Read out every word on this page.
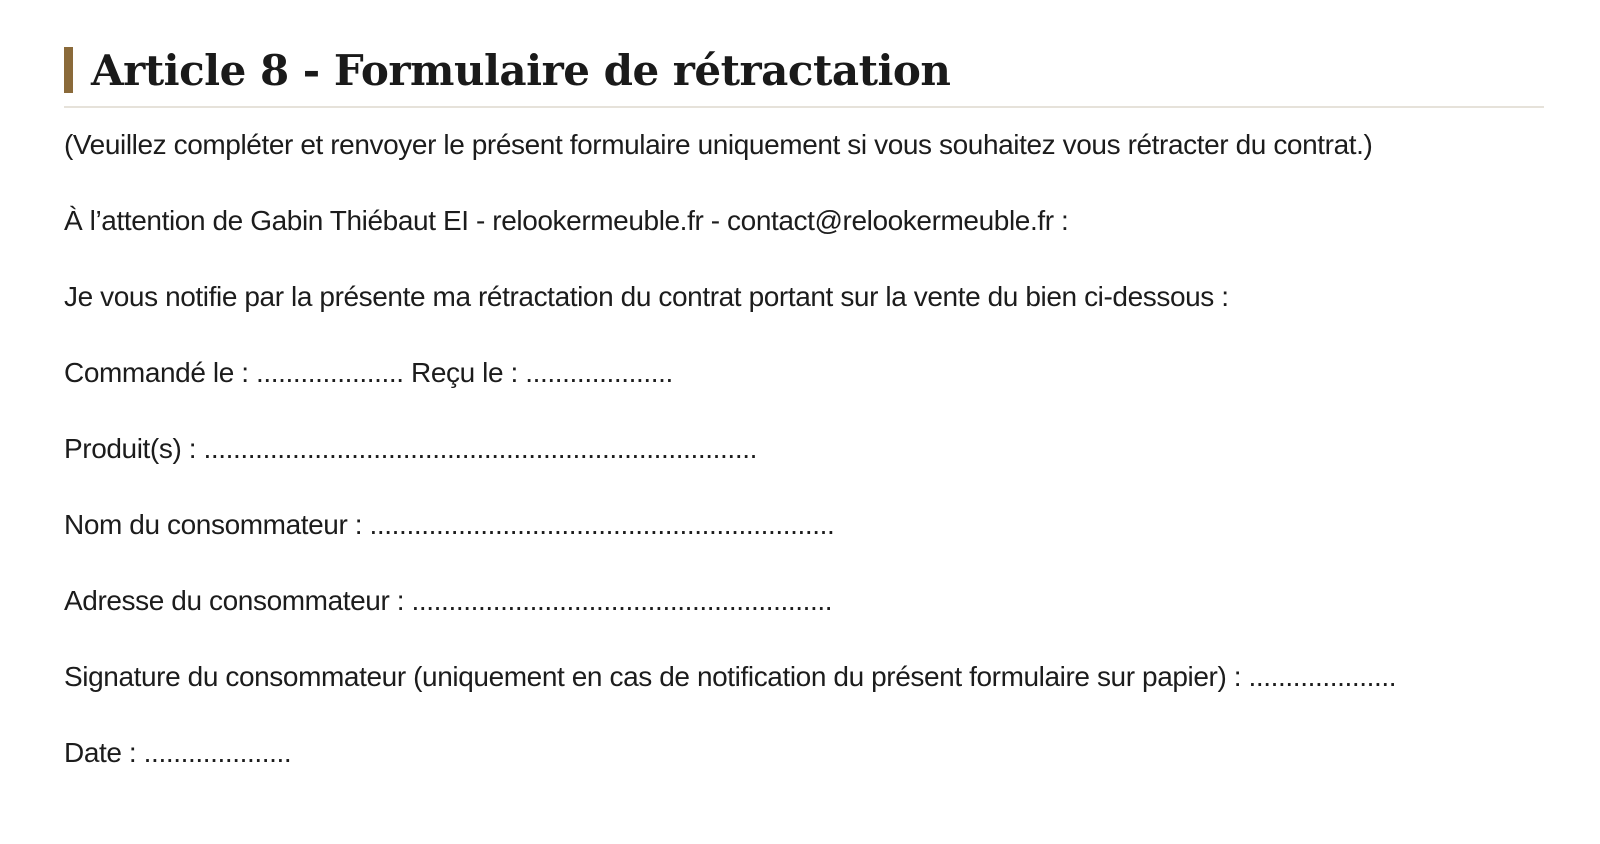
Article 8 - Formulaire de rétractation

(Veuillez compléter et renvoyer le présent formulaire uniquement si vous souhaitez vous rétracter du contrat.)

À l’attention de Gabin Thiébaut EI - relookermeuble.fr - contact@relookermeuble.fr :

Je vous notifie par la présente ma rétractation du contrat portant sur la vente du bien ci-dessous :

Commandé le : .................... Reçu le : ....................

Produit(s) : ...........................................................................

Nom du consommateur : ...............................................................

Adresse du consommateur : .........................................................

Signature du consommateur (uniquement en cas de notification du présent formulaire sur papier) : ....................

Date : ....................
